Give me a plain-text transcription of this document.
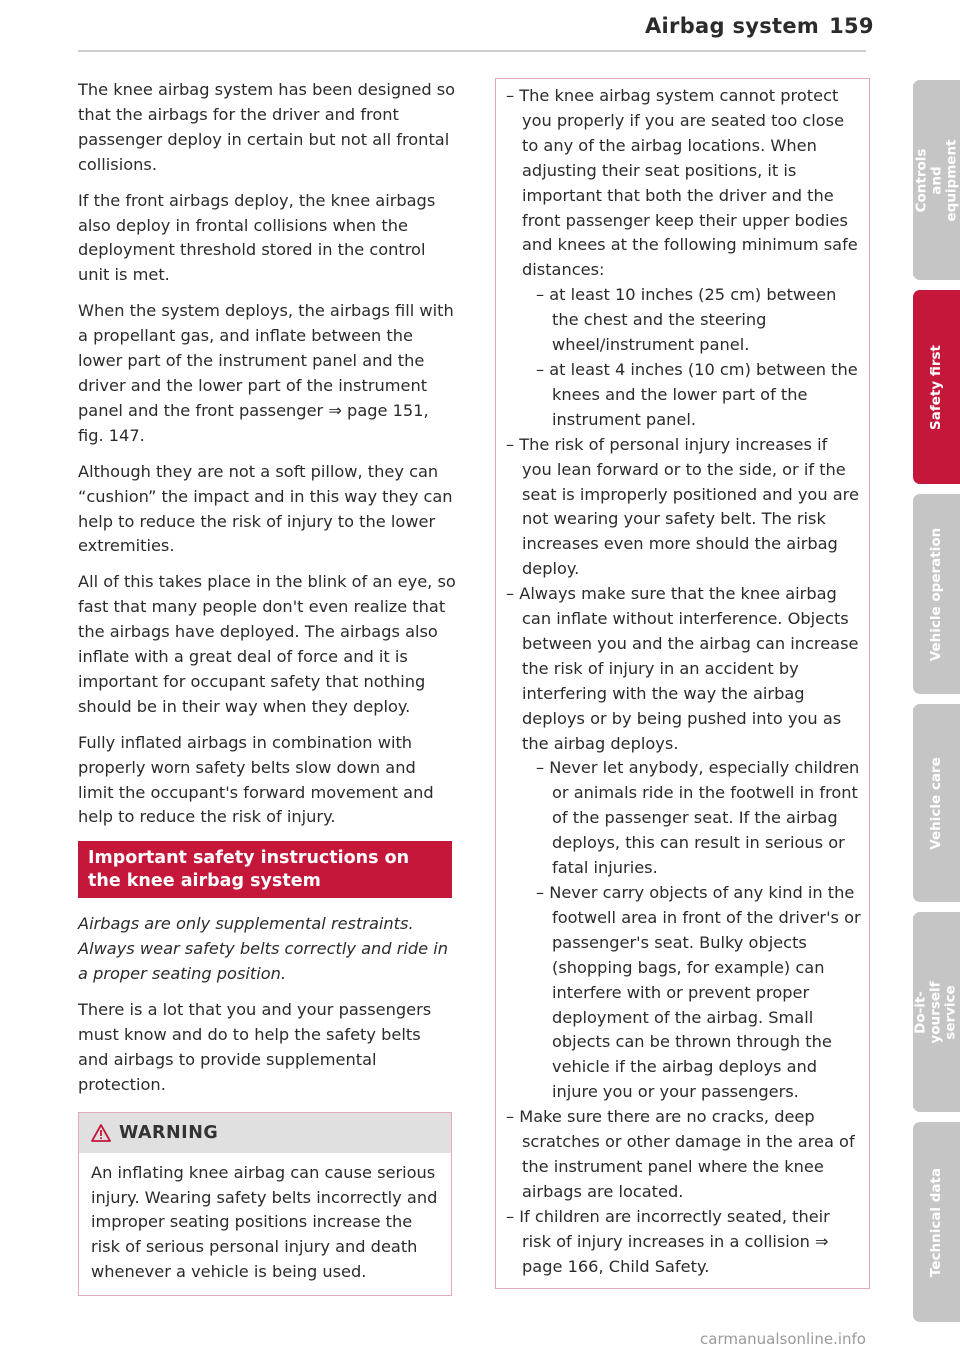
Airbag system 159

The knee airbag system has been designed so that the airbags for the driver and front passenger deploy in certain but not all frontal collisions.

If the front airbags deploy, the knee airbags also deploy in frontal collisions when the deployment threshold stored in the control unit is met.

When the system deploys, the airbags fill with a propellant gas, and inflate between the lower part of the instrument panel and the driver and the lower part of the instrument panel and the front passenger ⇒ page 151, fig. 147.

Although they are not a soft pillow, they can “cushion” the impact and in this way they can help to reduce the risk of injury to the lower extremities.

All of this takes place in the blink of an eye, so fast that many people don't even realize that the airbags have deployed. The airbags also inflate with a great deal of force and it is important for occupant safety that nothing should be in their way when they deploy.

Fully inflated airbags in combination with properly worn safety belts slow down and limit the occupant's forward movement and help to reduce the risk of injury.

Important safety instructions on the knee airbag system

Airbags are only supplemental restraints. Always wear safety belts correctly and ride in a proper seating position.

There is a lot that you and your passengers must know and do to help the safety belts and airbags to provide supplemental protection.

WARNING
An inflating knee airbag can cause serious injury. Wearing safety belts incorrectly and improper seating positions increase the risk of serious personal injury and death whenever a vehicle is being used.
– The knee airbag system cannot protect you properly if you are seated too close to any of the airbag locations. When adjusting their seat positions, it is important that both the driver and the front passenger keep their upper bodies and knees at the following minimum safe distances:
– at least 10 inches (25 cm) between the chest and the steering wheel/instrument panel.
– at least 4 inches (10 cm) between the knees and the lower part of the instrument panel.
– The risk of personal injury increases if you lean forward or to the side, or if the seat is improperly positioned and you are not wearing your safety belt. The risk increases even more should the airbag deploy.
– Always make sure that the knee airbag can inflate without interference. Objects between you and the airbag can increase the risk of injury in an accident by interfering with the way the airbag deploys or by being pushed into you as the airbag deploys.
– Never let anybody, especially children or animals ride in the footwell in front of the passenger seat. If the airbag deploys, this can result in serious or fatal injuries.
– Never carry objects of any kind in the footwell area in front of the driver's or passenger's seat. Bulky objects (shopping bags, for example) can interfere with or prevent proper deployment of the airbag. Small objects can be thrown through the vehicle if the airbag deploys and injure you or your passengers.
– Make sure there are no cracks, deep scratches or other damage in the area of the instrument panel where the knee airbags are located.
– If children are incorrectly seated, their risk of injury increases in a collision ⇒ page 166, Child Safety.
Controls and equipment
Safety first
Vehicle operation
Vehicle care
Do-it-yourself service
Technical data
carmanualsonline.info
